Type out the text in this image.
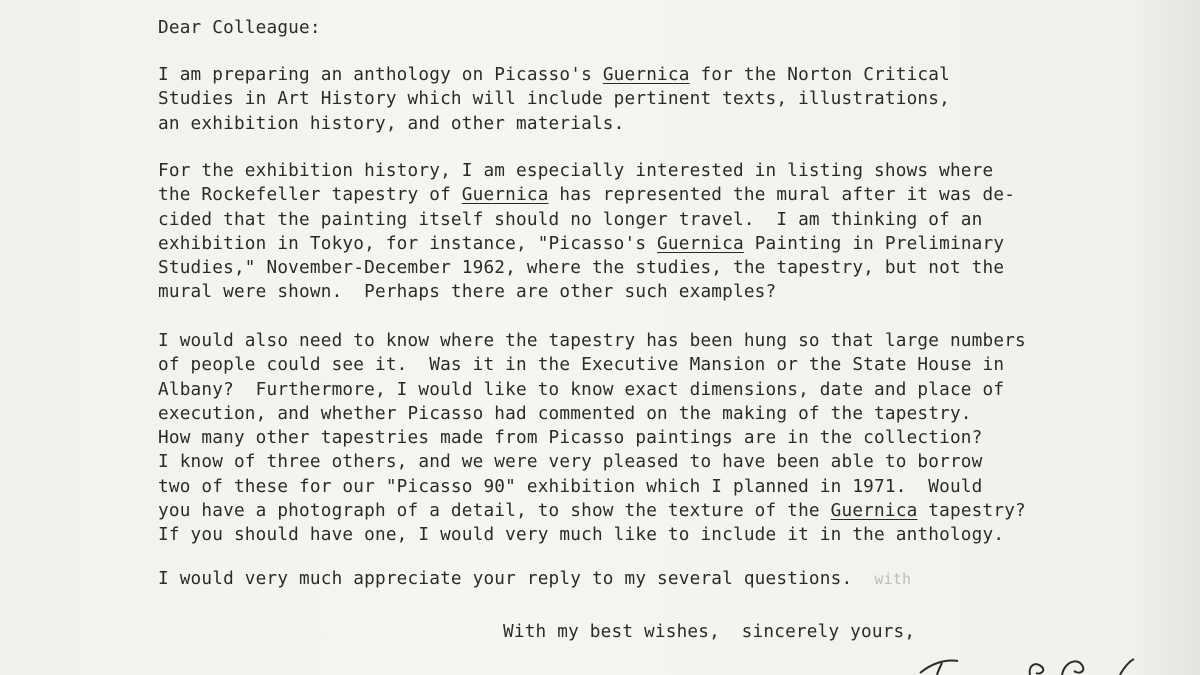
Dear Colleague:
I am preparing an anthology on Picasso's Guernica for the Norton Critical
Studies in Art History which will include pertinent texts, illustrations,
an exhibition history, and other materials.
For the exhibition history, I am especially interested in listing shows where
the Rockefeller tapestry of Guernica has represented the mural after it was de-
cided that the painting itself should no longer travel.  I am thinking of an
exhibition in Tokyo, for instance, "Picasso's Guernica Painting in Preliminary
Studies," November-December 1962, where the studies, the tapestry, but not the
mural were shown.  Perhaps there are other such examples?
I would also need to know where the tapestry has been hung so that large numbers
of people could see it.  Was it in the Executive Mansion or the State House in
Albany?  Furthermore, I would like to know exact dimensions, date and place of
execution, and whether Picasso had commented on the making of the tapestry.
How many other tapestries made from Picasso paintings are in the collection?
I know of three others, and we were very pleased to have been able to borrow
two of these for our "Picasso 90" exhibition which I planned in 1971.  Would
you have a photograph of a detail, to show the texture of the Guernica tapestry?
If you should have one, I would very much like to include it in the anthology.
I would very much appreciate your reply to my several questions. with
With my best wishes,  sincerely yours,
